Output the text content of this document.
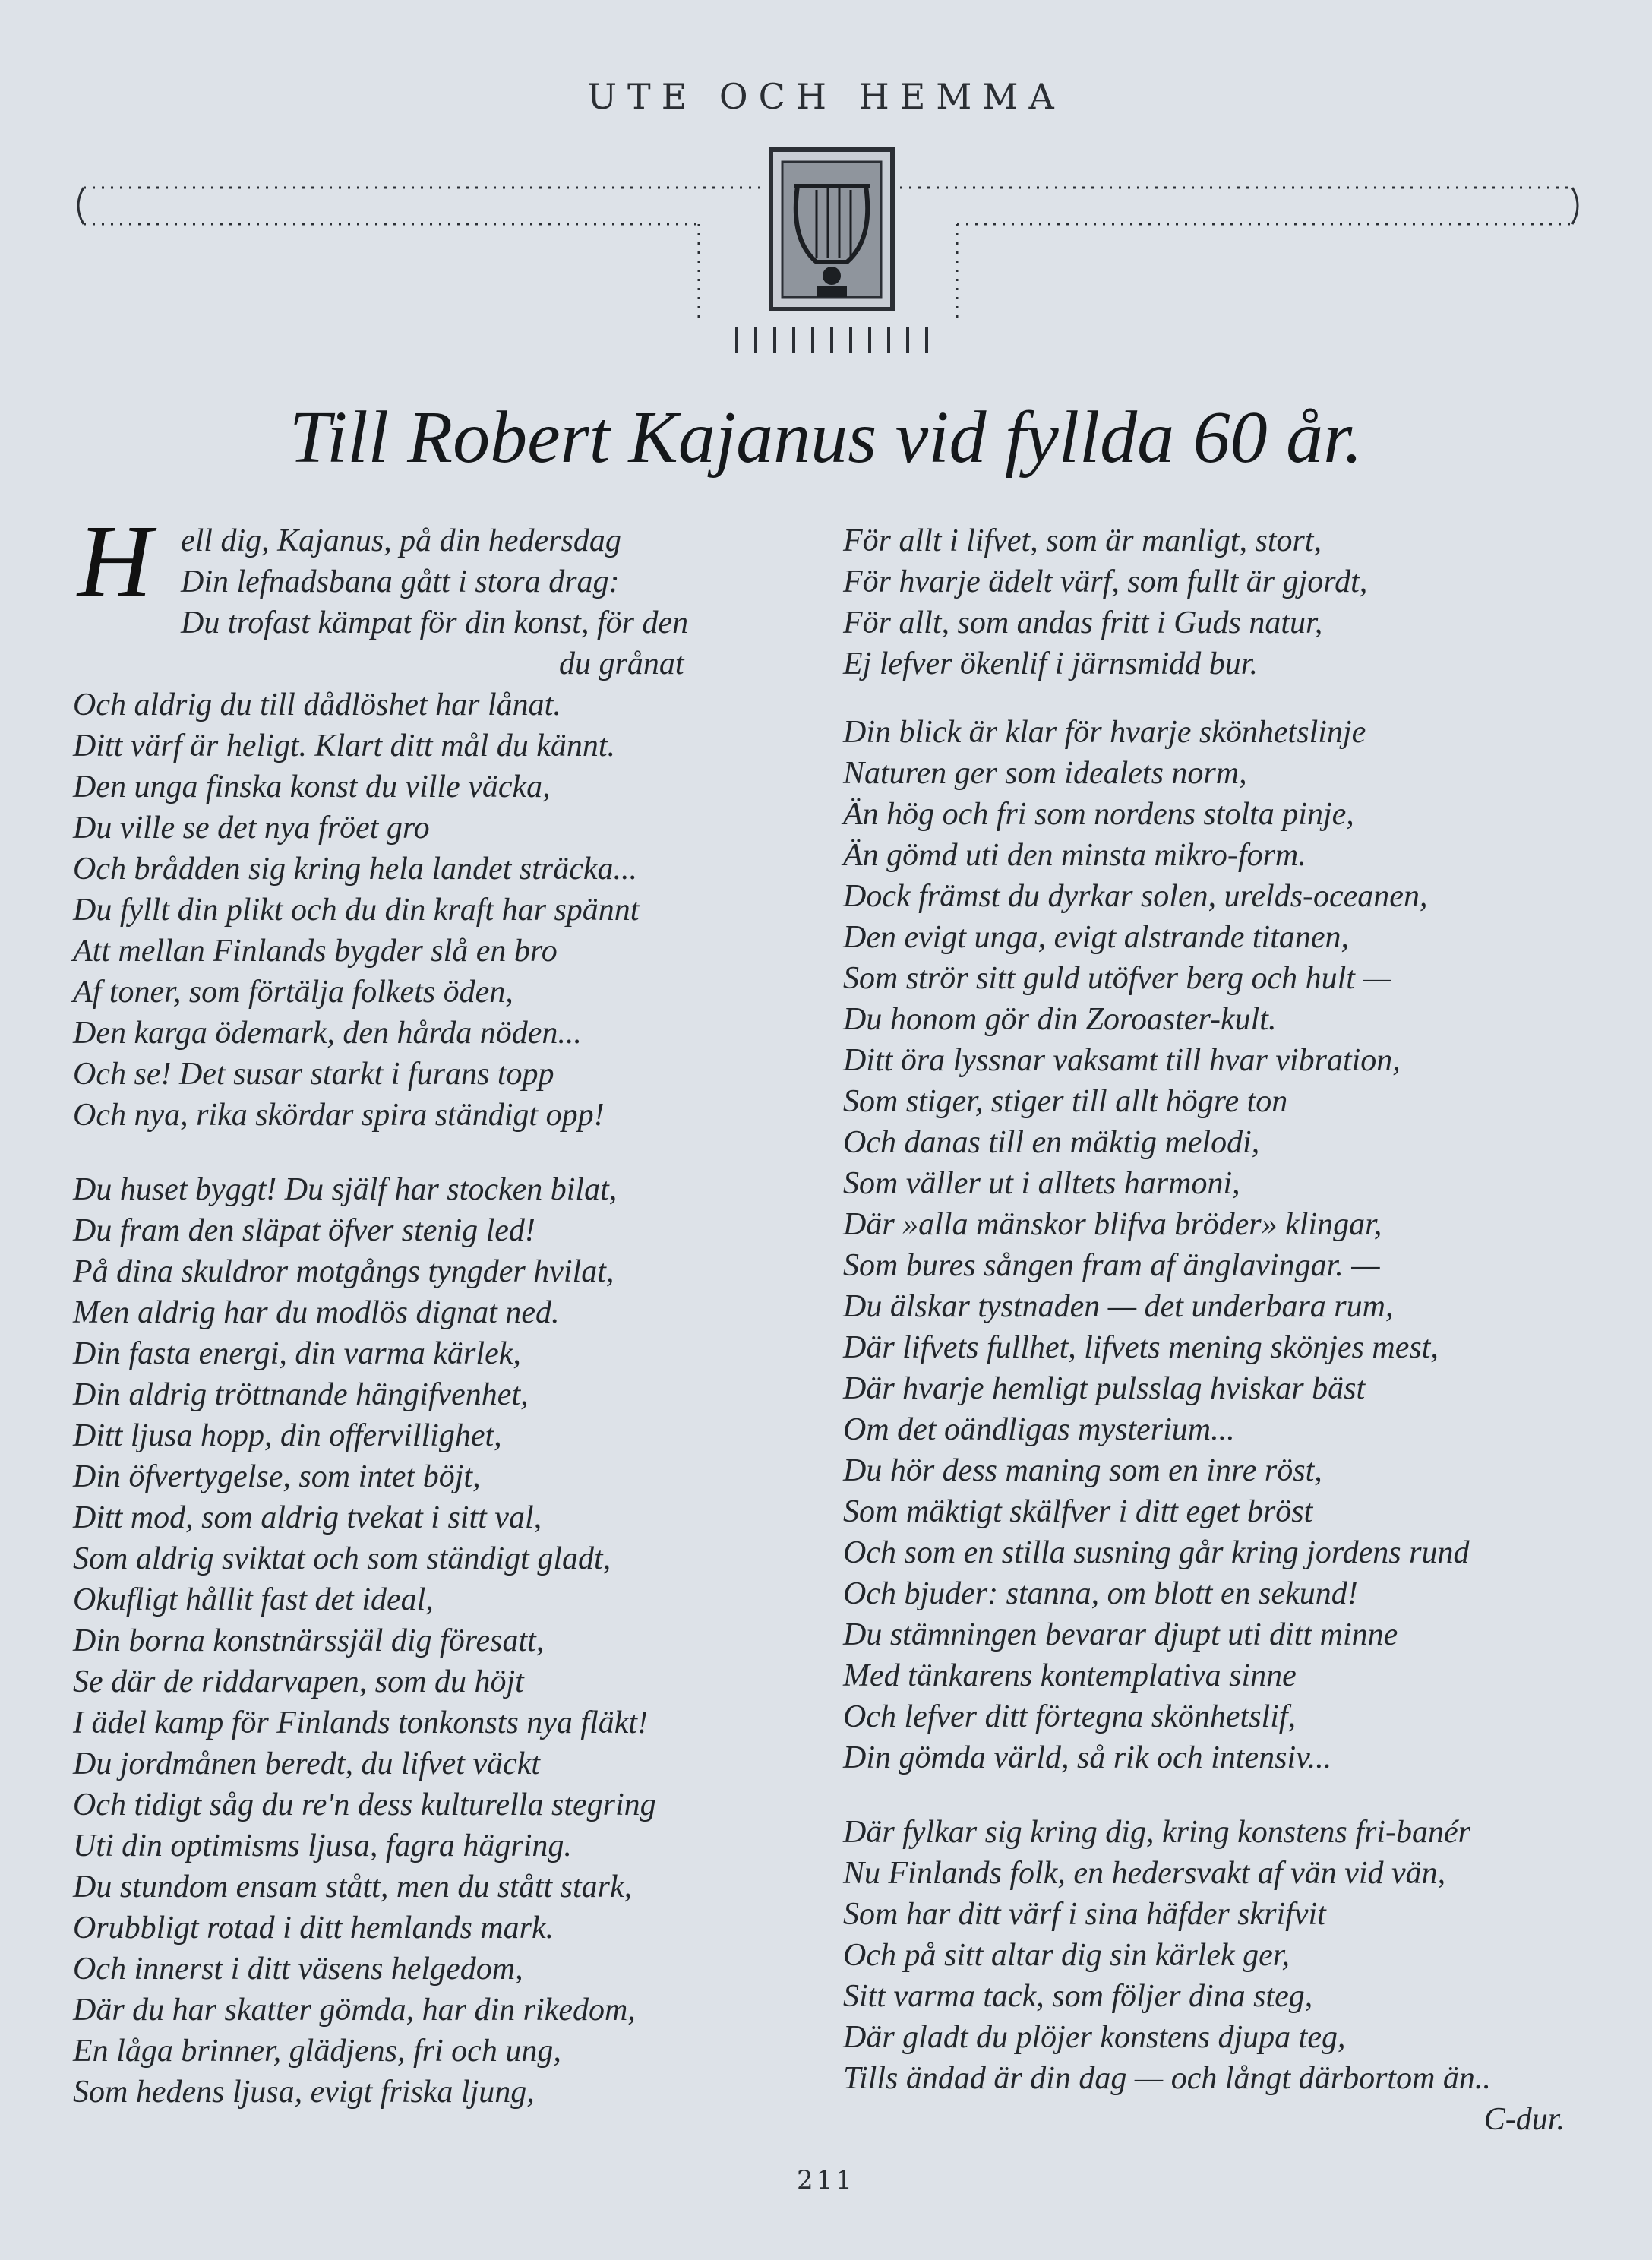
UTE OCH HEMMA
Till Robert Kajanus vid fyllda 60 år.
H ell dig, Kajanus, på din hedersdag
Din lefnadsbana gått i stora drag:
Du trofast kämpat för din konst, för den
du grånat
Och aldrig du till dådlöshet har lånat.
Ditt värf är heligt. Klart ditt mål du kännt.
Den unga finska konst du ville väcka,
Du ville se det nya fröet gro
Och brådden sig kring hela landet sträcka...
Du fyllt din plikt och du din kraft har spännt
Att mellan Finlands bygder slå en bro
Af toner, som förtälja folkets öden,
Den karga ödemark, den hårda nöden...
Och se! Det susar starkt i furans topp
Och nya, rika skördar spira ständigt opp!
Du huset byggt! Du själf har stocken bilat,
Du fram den släpat öfver stenig led!
På dina skuldror motgångs tyngder hvilat,
Men aldrig har du modlös dignat ned.
Din fasta energi, din varma kärlek,
Din aldrig tröttnande hängifvenhet,
Ditt ljusa hopp, din offervillighet,
Din öfvertygelse, som intet böjt,
Ditt mod, som aldrig tvekat i sitt val,
Som aldrig sviktat och som ständigt gladt,
Okufligt hållit fast det ideal,
Din borna konstnärssjäl dig föresatt,
Se där de riddarvapen, som du höjt
I ädel kamp för Finlands tonkonsts nya fläkt!
Du jordmånen beredt, du lifvet väckt
Och tidigt såg du re'n dess kulturella stegring
Uti din optimisms ljusa, fagra hägring.
Du stundom ensam stått, men du stått stark,
Orubbligt rotad i ditt hemlands mark.
Och innerst i ditt väsens helgedom,
Där du har skatter gömda, har din rikedom,
En låga brinner, glädjens, fri och ung,
Som hedens ljusa, evigt friska ljung,
För allt i lifvet, som är manligt, stort,
För hvarje ädelt värf, som fullt är gjordt,
För allt, som andas fritt i Guds natur,
Ej lefver ökenlif i järnsmidd bur.
Din blick är klar för hvarje skönhetslinje
Naturen ger som idealets norm,
Än hög och fri som nordens stolta pinje,
Än gömd uti den minsta mikro-form.
Dock främst du dyrkar solen, urelds-oceanen,
Den evigt unga, evigt alstrande titanen,
Som strör sitt guld utöfver berg och hult —
Du honom gör din Zoroaster-kult.
Ditt öra lyssnar vaksamt till hvar vibration,
Som stiger, stiger till allt högre ton
Och danas till en mäktig melodi,
Som väller ut i alltets harmoni,
Där »alla mänskor blifva bröder» klingar,
Som bures sången fram af änglavingar. —
Du älskar tystnaden — det underbara rum,
Där lifvets fullhet, lifvets mening skönjes mest,
Där hvarje hemligt pulsslag hviskar bäst
Om det oändligas mysterium...
Du hör dess maning som en inre röst,
Som mäktigt skälfver i ditt eget bröst
Och som en stilla susning går kring jordens rund
Och bjuder: stanna, om blott en sekund!
Du stämningen bevarar djupt uti ditt minne
Med tänkarens kontemplativa sinne
Och lefver ditt förtegna skönhetslif,
Din gömda värld, så rik och intensiv...
Där fylkar sig kring dig, kring konstens fri-banér
Nu Finlands folk, en hedersvakt af vän vid vän,
Som har ditt värf i sina häfder skrifvit
Och på sitt altar dig sin kärlek ger,
Sitt varma tack, som följer dina steg,
Där gladt du plöjer konstens djupa teg,
Tills ändad är din dag — och långt därbortom än..
C-dur.
211
